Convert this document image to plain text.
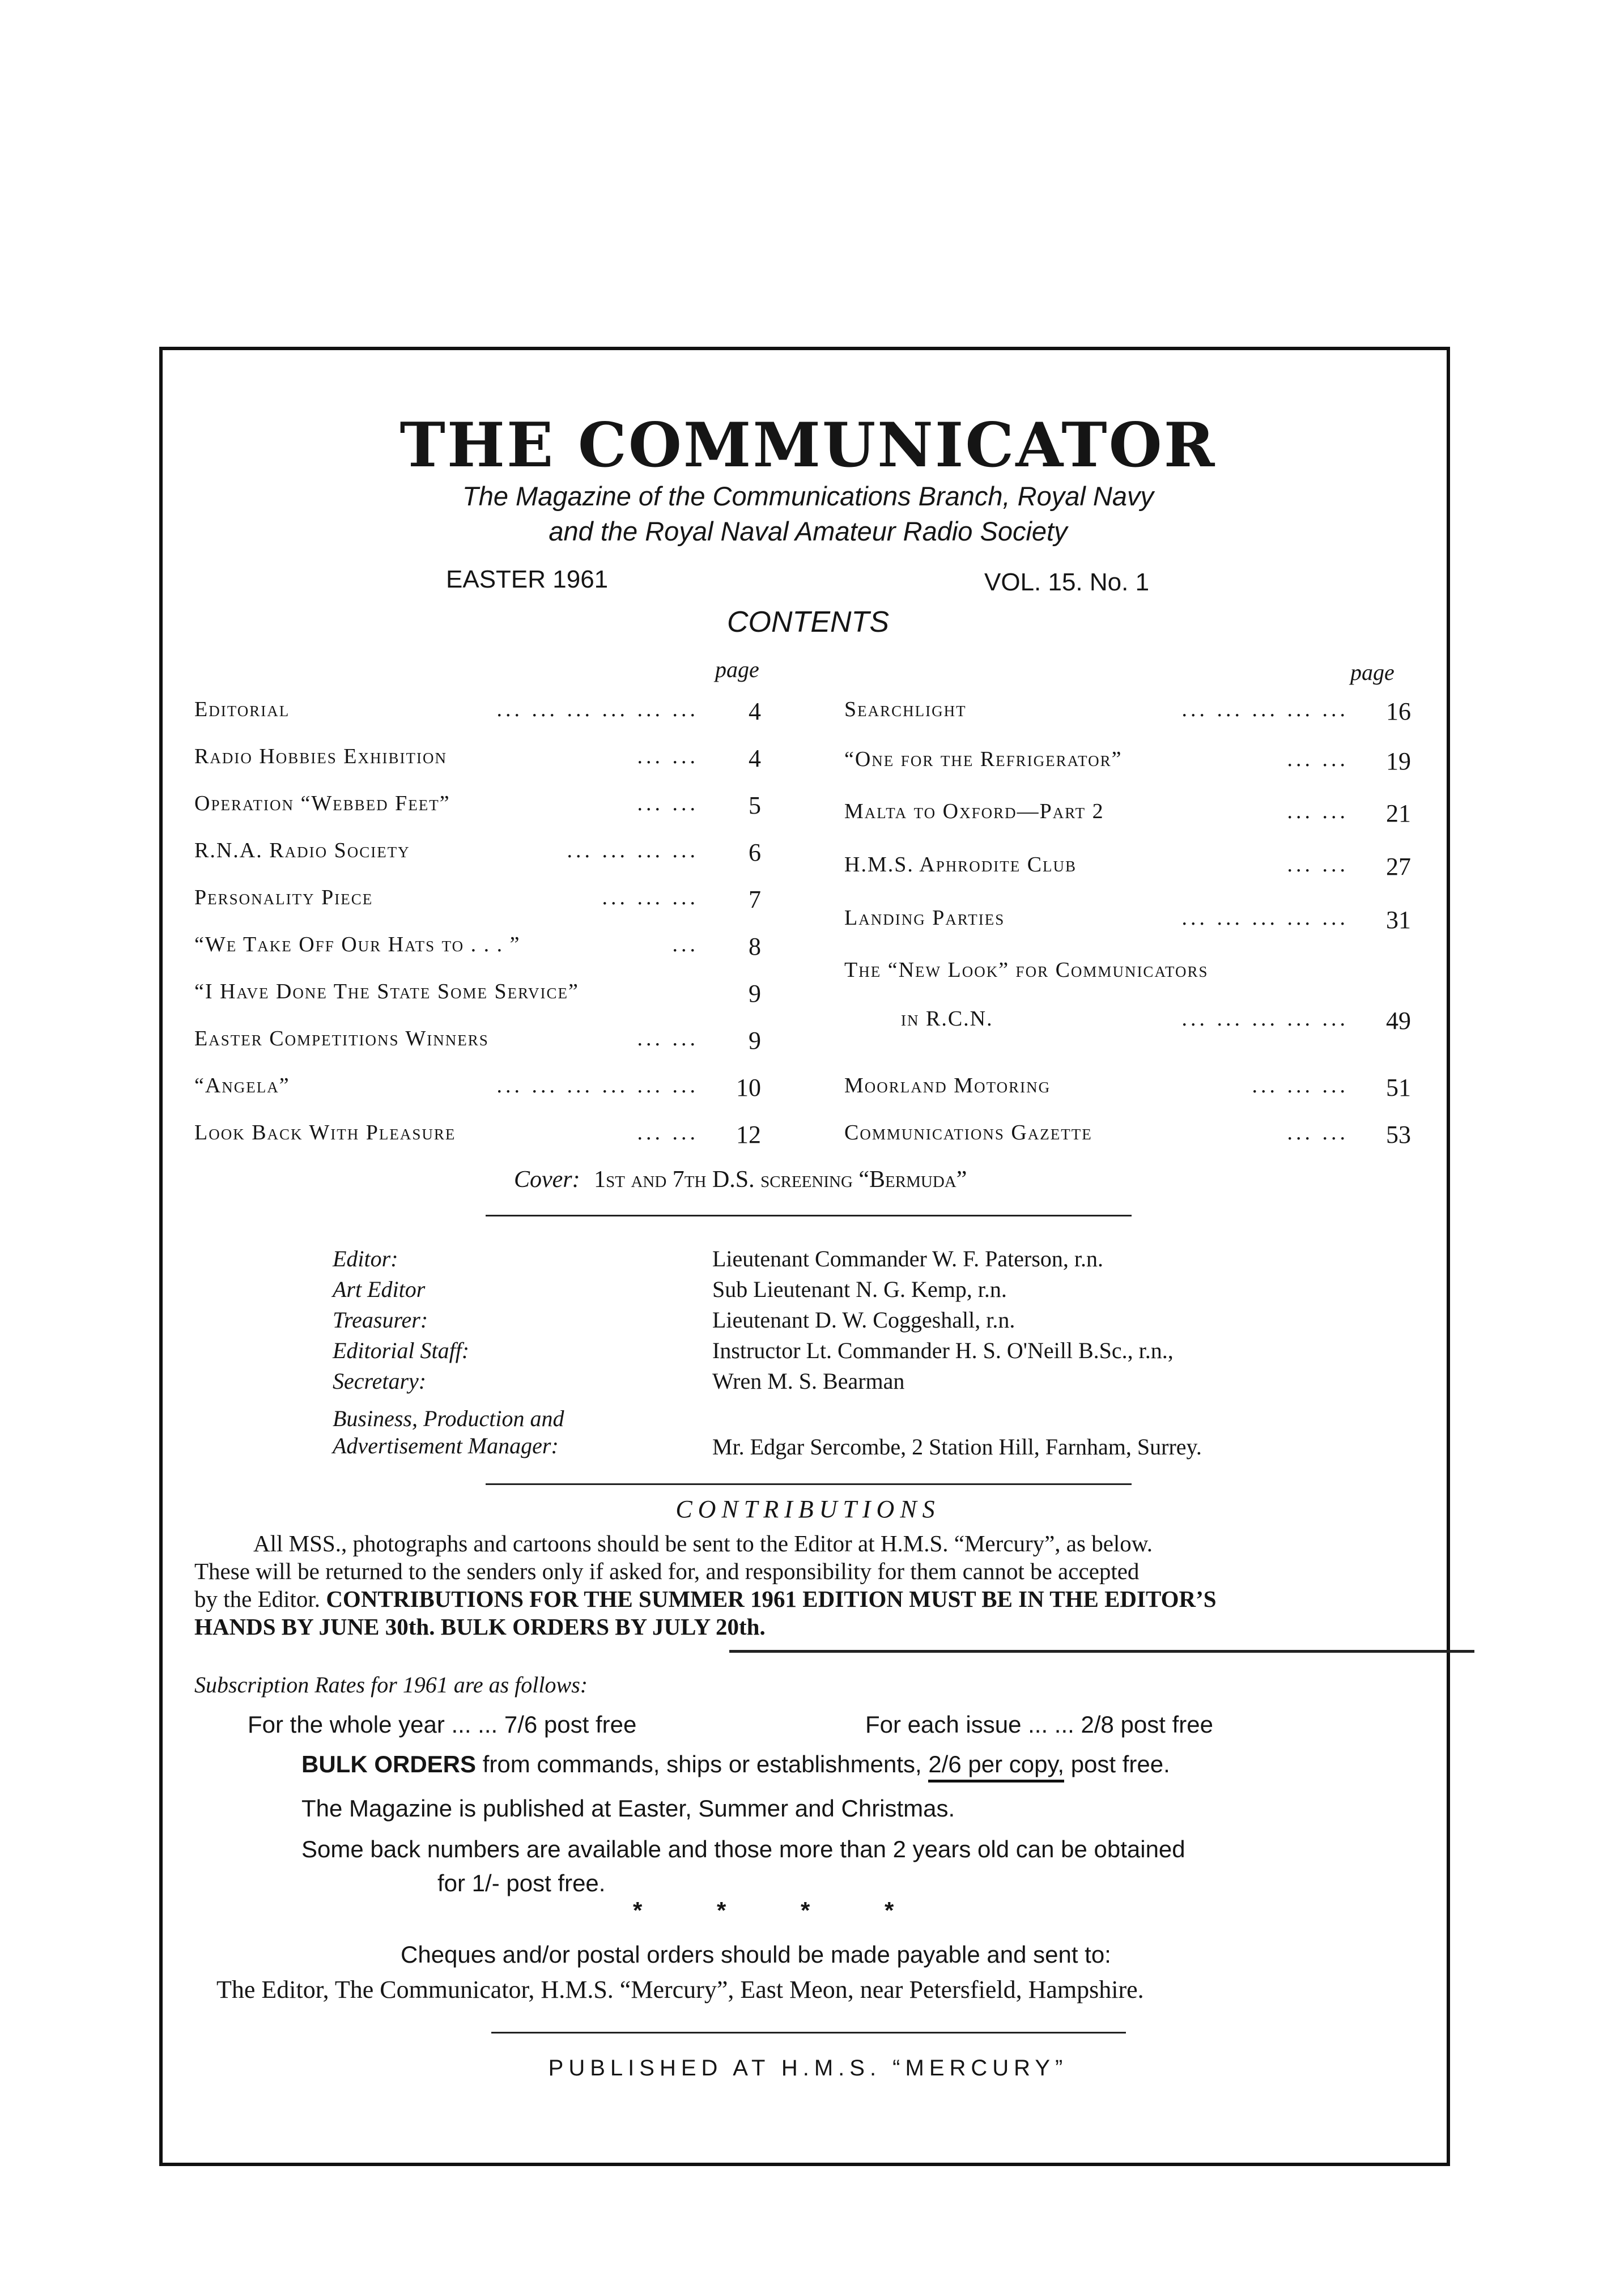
THE COMMUNICATOR
The Magazine of the Communications Branch, Royal Navy
and the Royal Naval Amateur Radio Society
EASTER 1961	VOL. 15. No. 1
CONTENTS
page	page
Editorial	... ... ... ... ... ...	4
Radio Hobbies Exhibition	... ...	4
Operation “Webbed Feet”	... ...	5
R.N.A. Radio Society	... ... ... ...	6
Personality Piece	... ... ...	7
“We Take Off Our Hats to . . . ”	...	8
“I Have Done The State Some Service”	9
Easter Competitions Winners	... ...	9
“Angela”	... ... ... ... ... ...	10
Look Back With Pleasure	... ...	12
Searchlight	... ... ... ... ...	16
“One for the Refrigerator”	... ...	19
Malta to Oxford—Part 2	... ...	21
H.M.S. Aphrodite Club	... ...	27
Landing Parties	... ... ... ... ...	31
The “New Look” for Communicators
in R.C.N.	... ... ... ... ...	49
Moorland Motoring	... ... ...	51
Communications Gazette	... ...	53
Cover: 1st and 7th D.S. screening “Bermuda”
Editor:	Lieutenant Commander W. F. Paterson, r.n.
Art Editor	Sub Lieutenant N. G. Kemp, r.n.
Treasurer:	Lieutenant D. W. Coggeshall, r.n.
Editorial Staff:	Instructor Lt. Commander H. S. O'Neill B.Sc., r.n.,
Secretary:	Wren M. S. Bearman
Business, Production and
Advertisement Manager:	Mr. Edgar Sercombe, 2 Station Hill, Farnham, Surrey.
CONTRIBUTIONS
All MSS., photographs and cartoons should be sent to the Editor at H.M.S. “Mercury”, as below.
These will be returned to the senders only if asked for, and responsibility for them cannot be accepted
by the Editor. CONTRIBUTIONS FOR THE SUMMER 1961 EDITION MUST BE IN THE EDITOR’S
HANDS BY JUNE 30th. BULK ORDERS BY JULY 20th.
Subscription Rates for 1961 are as follows:
For the whole year ... ... 7/6 post free	For each issue ... ... 2/8 post free
BULK ORDERS from commands, ships or establishments, 2/6 per copy, post free.
The Magazine is published at Easter, Summer and Christmas.
Some back numbers are available and those more than 2 years old can be obtained
for 1/- post free.
* * * *
Cheques and/or postal orders should be made payable and sent to:
The Editor, The Communicator, H.M.S. “Mercury”, East Meon, near Petersfield, Hampshire.
PUBLISHED AT H.M.S. “MERCURY”
